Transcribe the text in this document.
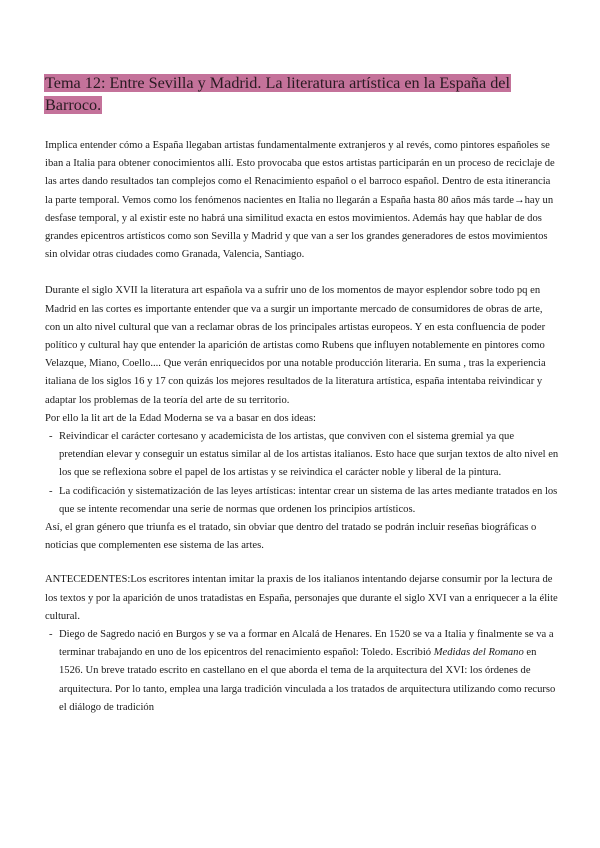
Tema 12: Entre Sevilla y Madrid. La literatura artística en la España del Barroco.

Implica entender cómo a España llegaban artistas fundamentalmente extranjeros y al revés, como pintores españoles se iban a Italia para obtener conocimientos allí. Esto provocaba que estos artistas participarán en un proceso de reciclaje de las artes dando resultados tan complejos como el Renacimiento español o el barroco español. Dentro de esta itinerancia la parte temporal. Vemos como los fenómenos nacientes en Italia no llegarán a España hasta 80 años más tarde→hay un desfase temporal, y al existir este no habrá una similitud exacta en estos movimientos. Además hay que hablar de dos grandes epicentros artísticos como son Sevilla y Madrid y que van a ser los grandes generadores de estos movimientos sin olvidar otras ciudades como Granada, Valencia, Santiago.

Durante el siglo XVII la literatura art española va a sufrir uno de los momentos de mayor esplendor sobre todo pq en Madrid en las cortes es importante entender que va a surgir un importante mercado de consumidores de obras de arte, con un alto nivel cultural que van a reclamar obras de los principales artistas europeos. Y en esta confluencia de poder político y cultural hay que entender la aparición de artistas como Rubens que influyen notablemente en pintores como Velazque, Miano, Coello.... Que verán enriquecidos por una notable producción literaria. En suma , tras la experiencia italiana de los siglos 16 y 17 con quizás los mejores resultados de la literatura artística, españa intentaba reivindicar y adaptar los problemas de la teoría del arte de su territorio.

Por ello la lit art de la Edad Moderna se va a basar en dos ideas:

- Reivindicar el carácter cortesano y academicista de los artistas, que conviven con el sistema gremial ya que pretendían elevar y conseguir un estatus similar al de los artistas italianos. Esto hace que surjan textos de alto nivel en los que se reflexiona sobre el papel de los artistas y se reivindica el carácter noble y liberal de la pintura.
- La codificación y sistematización de las leyes artísticas: intentar crear un sistema de las artes mediante tratados en los que se intente recomendar una serie de normas que ordenen los principios artísticos.

Así, el gran género que triunfa es el tratado, sin obviar que dentro del tratado se podrán incluir reseñas biográficas o noticias que complementen ese sistema de las artes.

ANTECEDENTES:Los escritores intentan imitar la praxis de los italianos intentando dejarse consumir por la lectura de los textos y por la aparición de unos tratadistas en España, personajes que durante el siglo XVI van a enriquecer a la élite cultural.

- Diego de Sagredo nació en Burgos y se va a formar en Alcalá de Henares. En 1520 se va a Italia y finalmente se va a terminar trabajando en uno de los epicentros del renacimiento español: Toledo. Escribió Medidas del Romano en 1526. Un breve tratado escrito en castellano en el que aborda el tema de la arquitectura del XVI: los órdenes de arquitectura. Por lo tanto, emplea una larga tradición vinculada a los tratados de arquitectura utilizando como recurso el diálogo de tradición
